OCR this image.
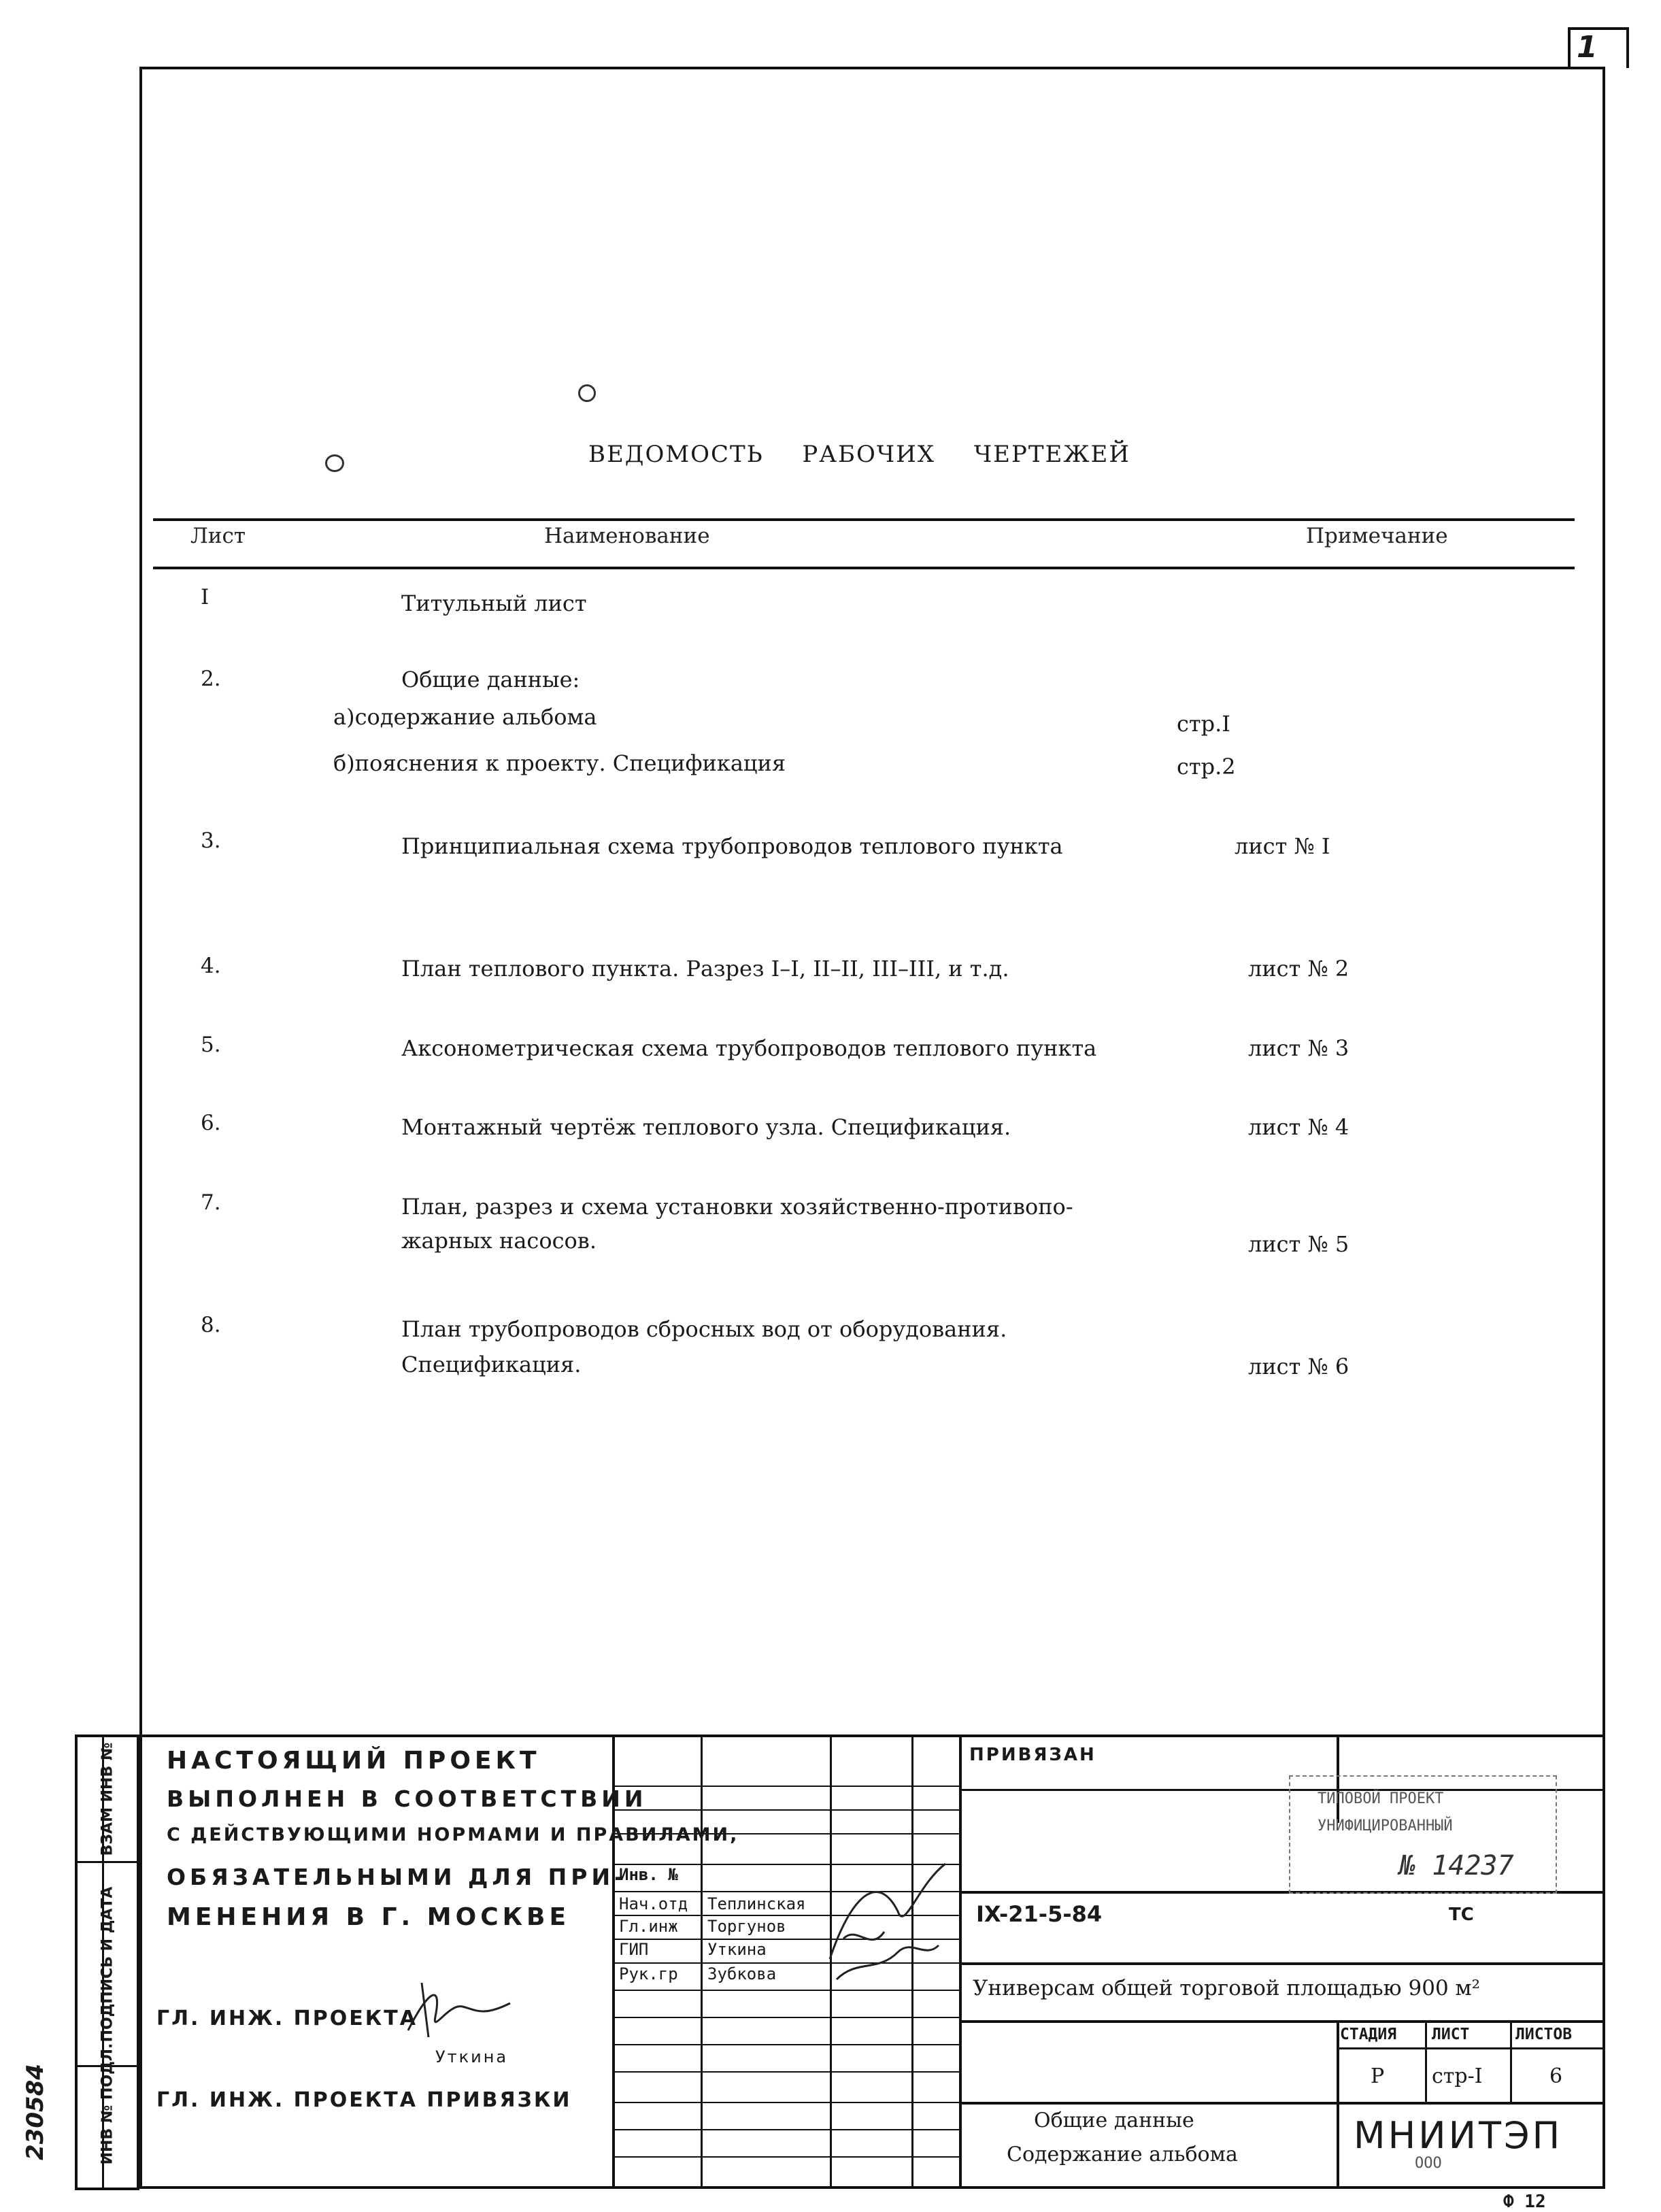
1
ВЕДОМОСТЬ РАБОЧИХ ЧЕРТЕЖЕЙ
Лист	Наименование	Примечание
I	Титульный лист
2.	Общие данные:
а)содержание альбома	стр.I
б)пояснения к проекту. Спецификация	стр.2
3.	Принципиальная схема трубопроводов теплового пункта	лист № I
4.	План теплового пункта. Разрез I–I, II–II, III–III, и т.д.	лист № 2
5.	Аксонометрическая схема трубопроводов теплового пункта	лист № 3
6.	Монтажный чертёж теплового узла. Спецификация.	лист № 4
7.	План, разрез и схема установки хозяйственно-противопо-
жарных насосов.	лист № 5
8.	План трубопроводов сбросных вод от оборудования.
Спецификация.	лист № 6
ВЗАМ ИНВ №
ПОДПИСЬ И ДАТА
ИНВ № ПОДЛ.
230584
НАСТОЯЩИЙ ПРОЕКТ
ВЫПОЛНЕН В СООТВЕТСТВИИ
С ДЕЙСТВУЮЩИМИ НОРМАМИ И ПРАВИЛАМИ,
ОБЯЗАТЕЛЬНЫМИ ДЛЯ ПРИ-
МЕНЕНИЯ В Г. МОСКВЕ
ГЛ. ИНЖ. ПРОЕКТА
Уткина
ГЛ. ИНЖ. ПРОЕКТА ПРИВЯЗКИ
Инв. №
Нач.отд Теплинская
Гл.инж Торгунов
ГИП	Уткина
Рук.гр Зубкова
ПРИВЯЗАН
ТИПОВОЙ ПРОЕКТ
УНИФИЦИРОВАННЫЙ
№ 14237
IX-21-5-84	ТС
Универсам общей торговой площадью 900 м²
СТАДИЯ ЛИСТ	ЛИСТОВ
Р стр-I	6
Общие данные
Содержание альбома	МНИИТЭП
ООО
Ф 12
